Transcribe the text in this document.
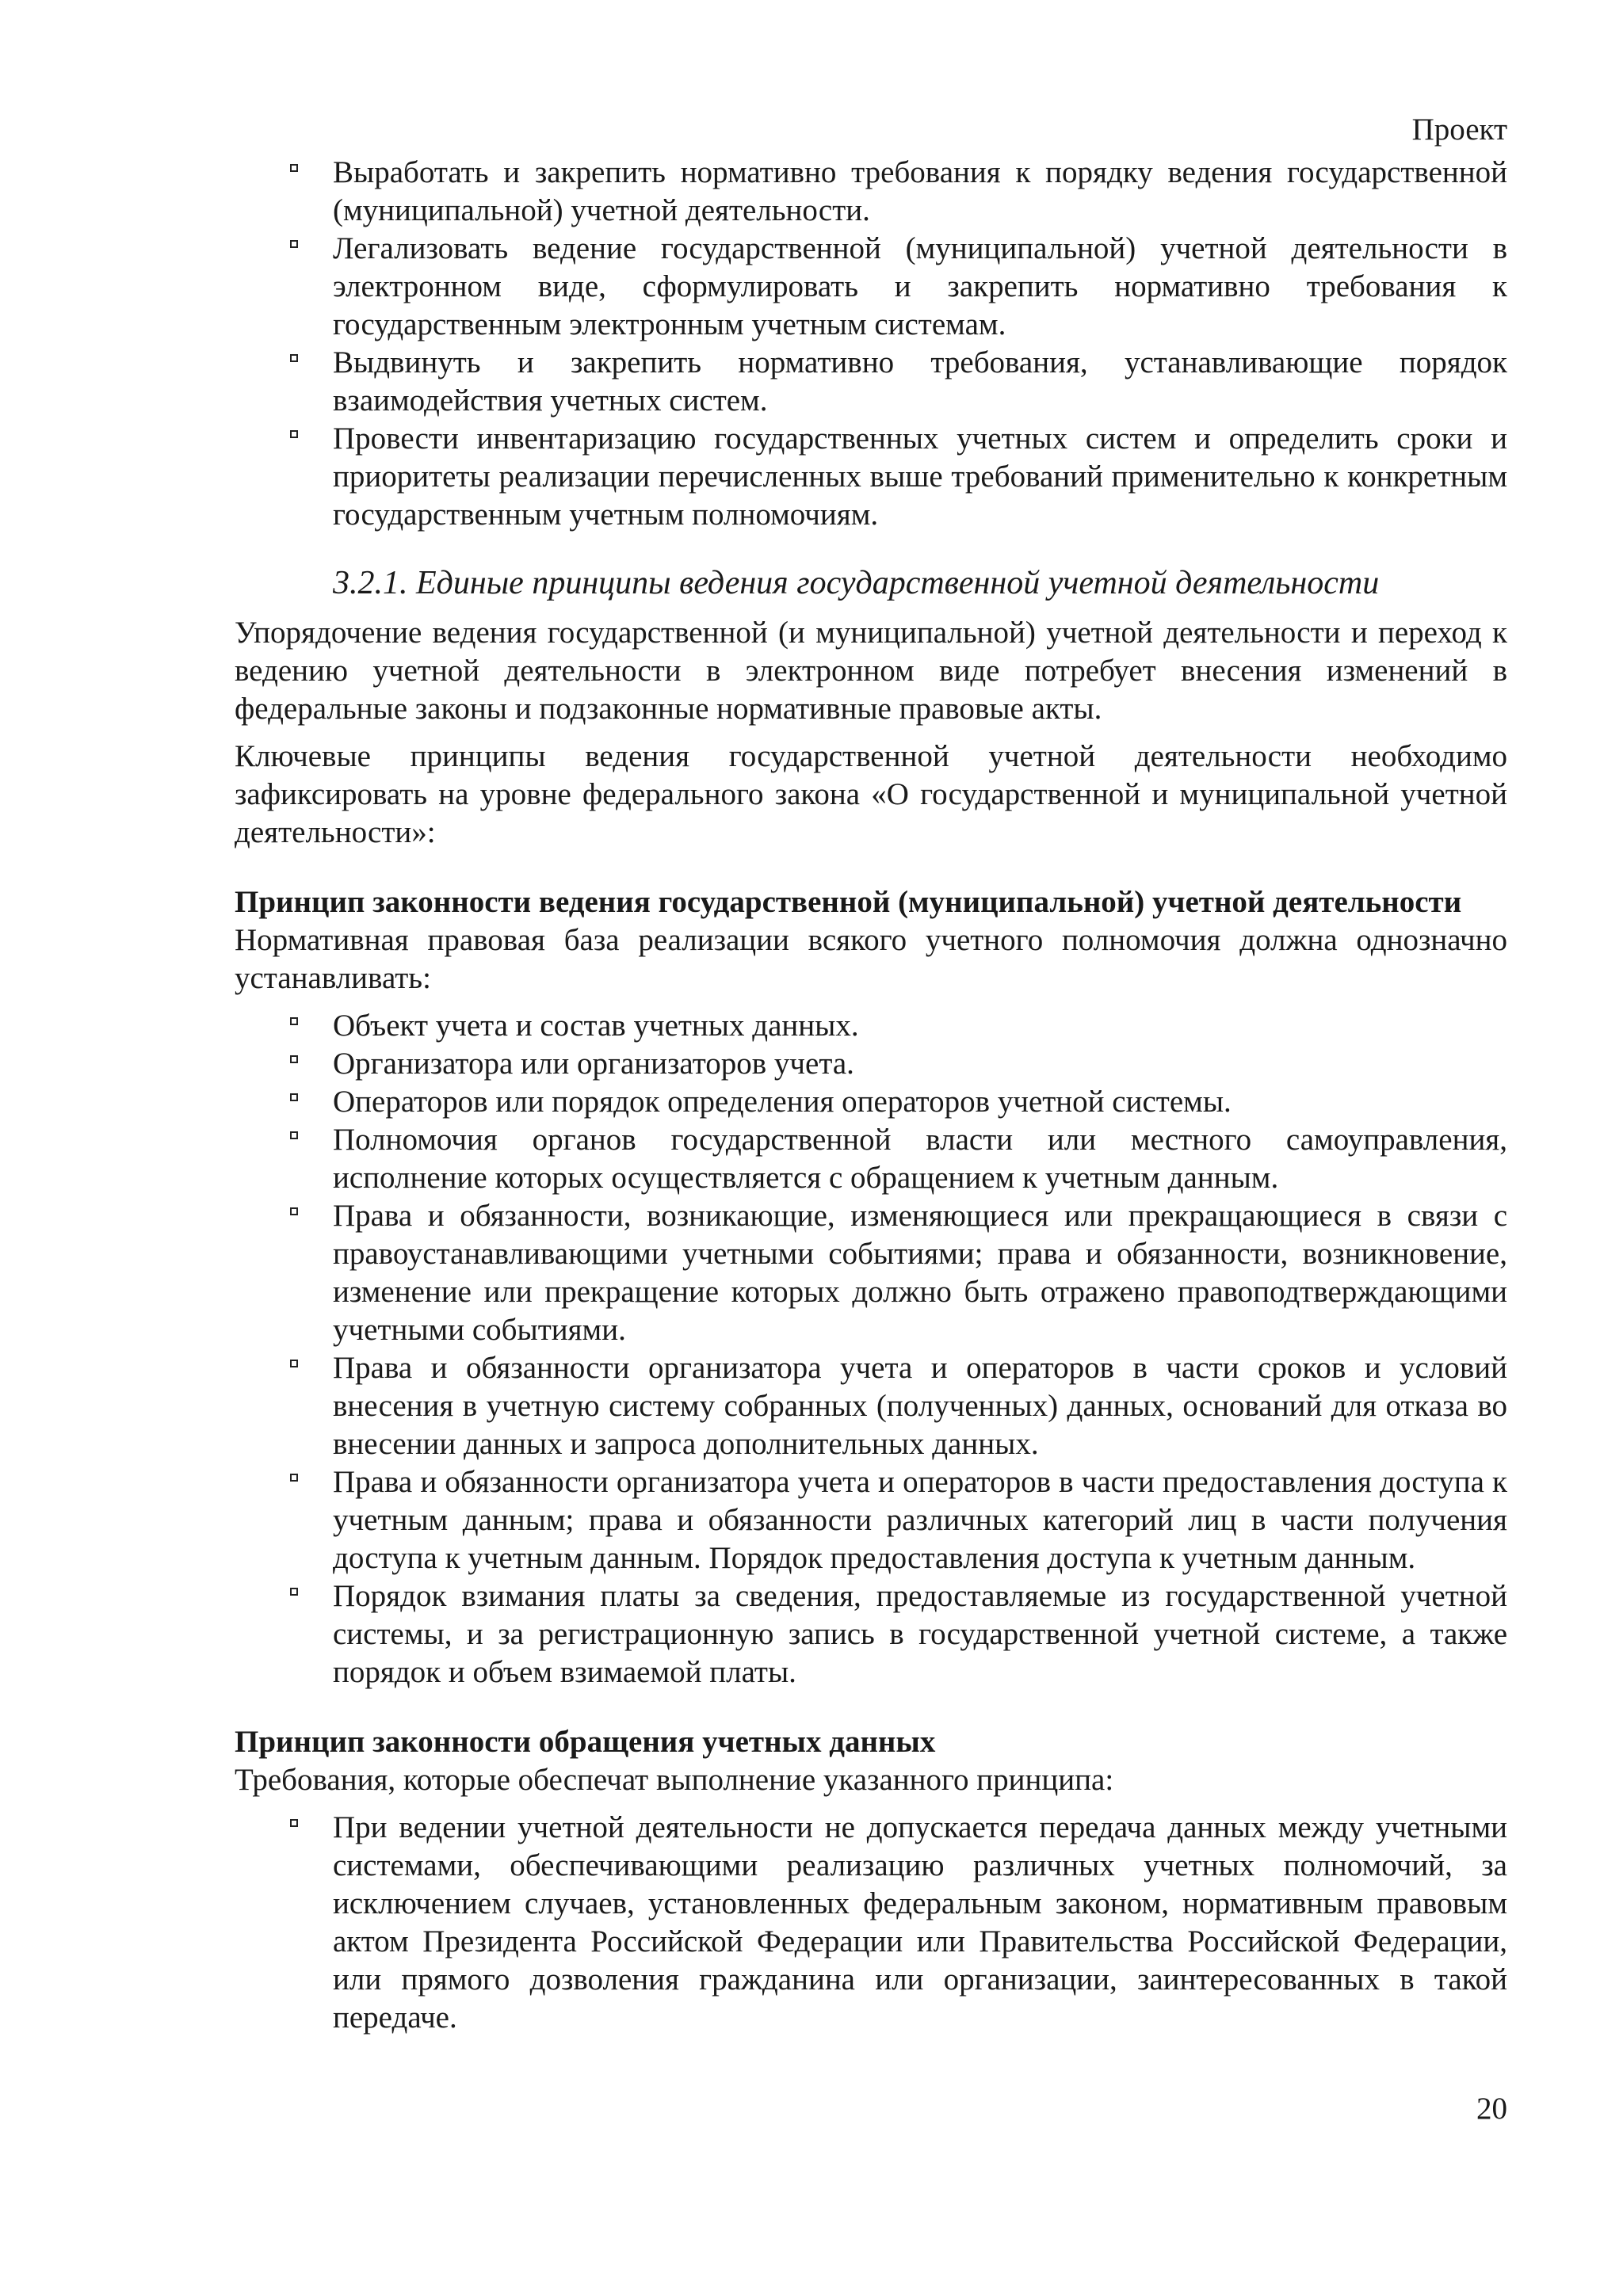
Проект
Выработать и закрепить нормативно требования к порядку ведения государственной (муниципальной) учетной деятельности.
Легализовать ведение государственной (муниципальной) учетной деятельности в электронном виде, сформулировать и закрепить нормативно требования к государственным электронным учетным системам.
Выдвинуть и закрепить нормативно требования, устанавливающие порядок взаимодействия учетных систем.
Провести инвентаризацию государственных учетных систем и определить сроки и приоритеты реализации перечисленных выше требований применительно к конкретным государственным учетным полномочиям.
3.2.1. Единые принципы ведения государственной учетной деятельности

Упорядочение ведения государственной (и муниципальной) учетной деятельности и переход к ведению учетной деятельности в электронном виде потребует внесения изменений в федеральные законы и подзаконные нормативные правовые акты.

Ключевые принципы ведения государственной учетной деятельности необходимо зафиксировать на уровне федерального закона «О государственной и муниципальной учетной деятельности»:

Принцип законности ведения государственной (муниципальной) учетной деятельности

Нормативная правовая база реализации всякого учетного полномочия должна однозначно устанавливать:

Объект учета и состав учетных данных.
Организатора или организаторов учета.
Операторов или порядок определения операторов учетной системы.
Полномочия органов государственной власти или местного самоуправления, исполнение которых осуществляется с обращением к учетным данным.
Права и обязанности, возникающие, изменяющиеся или прекращающиеся в связи с правоустанавливающими учетными событиями; права и обязанности, возникновение, изменение или прекращение которых должно быть отражено правоподтверждающими учетными событиями.
Права и обязанности организатора учета и операторов в части сроков и условий внесения в учетную систему собранных (полученных) данных, оснований для отказа во внесении данных и запроса дополнительных данных.
Права и обязанности организатора учета и операторов в части предоставления доступа к учетным данным; права и обязанности различных категорий лиц в части получения доступа к учетным данным. Порядок предоставления доступа к учетным данным.
Порядок взимания платы за сведения, предоставляемые из государственной учетной системы, и за регистрационную запись в государственной учетной системе, а также порядок и объем взимаемой платы.
Принцип законности обращения учетных данных

Требования, которые обеспечат выполнение указанного принципа:

При ведении учетной деятельности не допускается передача данных между учетными системами, обеспечивающими реализацию различных учетных полномочий, за исключением случаев, установленных федеральным законом, нормативным правовым актом Президента Российской Федерации или Правительства Российской Федерации, или прямого дозволения гражданина или организации, заинтересованных в такой передаче.
20
